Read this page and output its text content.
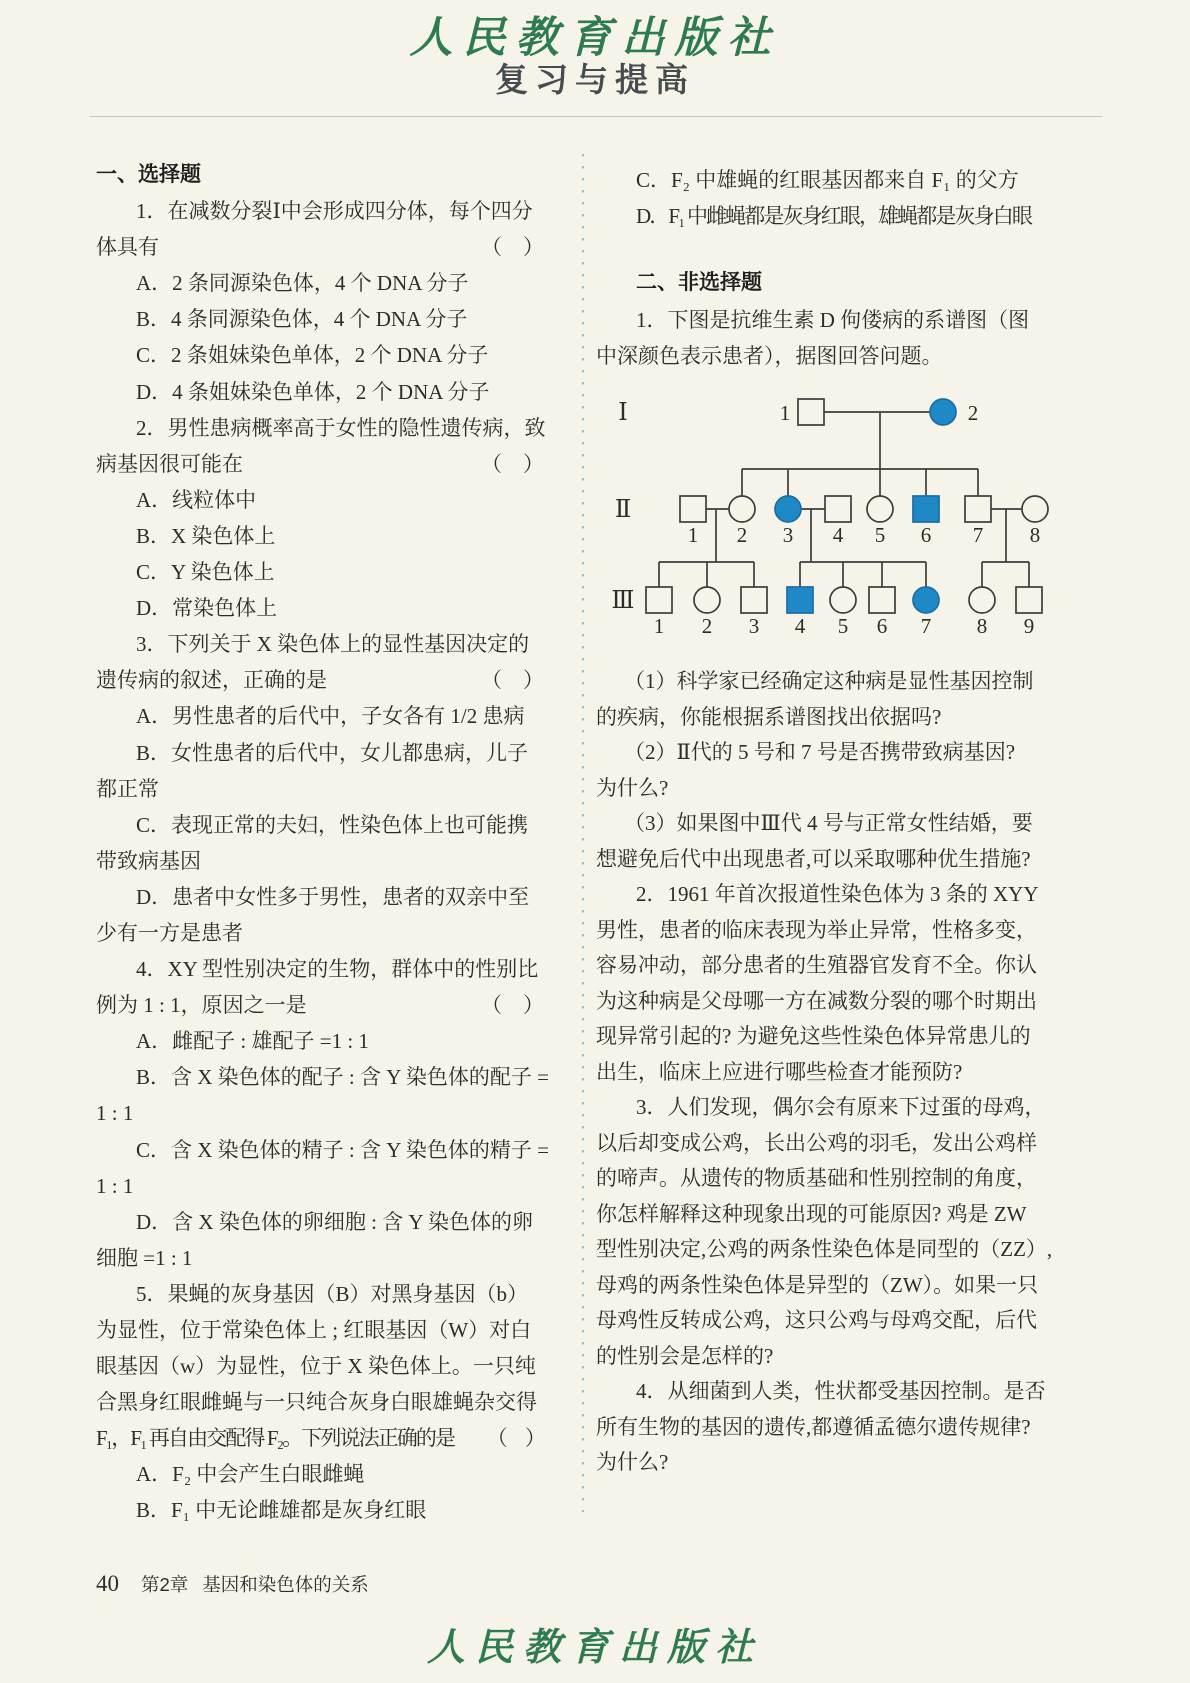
人民教育出版社
复习与提高
一、选择题
1．在减数分裂Ⅰ中会形成四分体，每个四分
体具有	（　）
A．2 条同源染色体，4 个 DNA 分子
B．4 条同源染色体，4 个 DNA 分子
C．2 条姐妹染色单体，2 个 DNA 分子
D．4 条姐妹染色单体，2 个 DNA 分子
2．男性患病概率高于女性的隐性遗传病，致
病基因很可能在	（　）
A．线粒体中
B．X 染色体上
C．Y 染色体上
D．常染色体上
3．下列关于 X 染色体上的显性基因决定的
遗传病的叙述，正确的是	（　）
A．男性患者的后代中，子女各有 1/2 患病
B．女性患者的后代中，女儿都患病，儿子
都正常
C．表现正常的夫妇，性染色体上也可能携
带致病基因
D．患者中女性多于男性，患者的双亲中至
少有一方是患者
4．XY 型性别决定的生物，群体中的性别比
例为 1 : 1，原因之一是	（　）
A．雌配子 : 雄配子 =1 : 1
B．含 X 染色体的配子 : 含 Y 染色体的配子 =
1 : 1
C．含 X 染色体的精子 : 含 Y 染色体的精子 =
1 : 1
D．含 X 染色体的卵细胞 : 含 Y 染色体的卵
细胞 =1 : 1
5．果蝇的灰身基因（B）对黑身基因（b）
为显性，位于常染色体上 ; 红眼基因（W）对白
眼基因（w）为显性，位于 X 染色体上。一只纯
合黑身红眼雌蝇与一只纯合灰身白眼雄蝇杂交得
F₁，F₁ 再自由交配得 F₂。下列说法正确的是 （　）
A．F₂ 中会产生白眼雌蝇
B．F₁ 中无论雌雄都是灰身红眼
C．F₂ 中雄蝇的红眼基因都来自 F₁ 的父方
D．F₁ 中雌蝇都是灰身红眼，雄蝇都是灰身白眼
二、非选择题
1．下图是抗维生素 D 佝偻病的系谱图（图
中深颜色表示患者），据图回答问题。
1	2
1 2 3 4 5 6 7 8
1 2 3 4 5 6 7 8 9
Ⅰ
Ⅱ
Ⅲ
（1）科学家已经确定这种病是显性基因控制
的疾病，你能根据系谱图找出依据吗?
（2）Ⅱ代的 5 号和 7 号是否携带致病基因?
为什么?
（3）如果图中Ⅲ代 4 号与正常女性结婚，要
想避免后代中出现患者,可以采取哪种优生措施?
2．1961 年首次报道性染色体为 3 条的 XYY
男性，患者的临床表现为举止异常，性格多变，
容易冲动，部分患者的生殖器官发育不全。你认
为这种病是父母哪一方在减数分裂的哪个时期出
现异常引起的? 为避免这些性染色体异常患儿的
出生，临床上应进行哪些检查才能预防?
3．人们发现，偶尔会有原来下过蛋的母鸡，
以后却变成公鸡，长出公鸡的羽毛，发出公鸡样
的啼声。从遗传的物质基础和性别控制的角度，
你怎样解释这种现象出现的可能原因? 鸡是 ZW
型性别决定,公鸡的两条性染色体是同型的（ZZ）,
母鸡的两条性染色体是异型的（ZW）。如果一只
母鸡性反转成公鸡，这只公鸡与母鸡交配，后代
的性别会是怎样的?
4．从细菌到人类，性状都受基因控制。是否
所有生物的基因的遗传,都遵循孟德尔遗传规律?
为什么?
40 第2章 基因和染色体的关系
人民教育出版社
